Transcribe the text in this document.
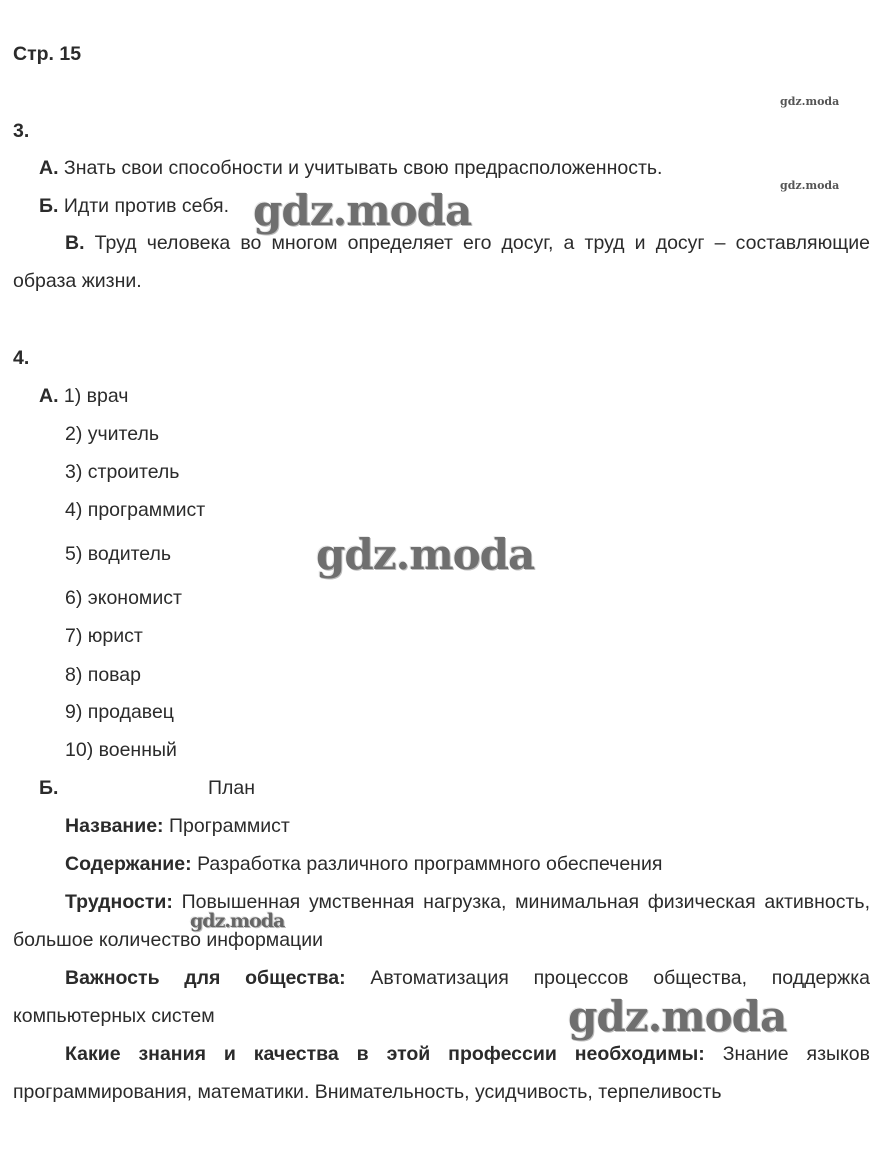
Стр. 15
3.
А. Знать свои способности и учитывать свою предрасположенность.
Б. Идти против себя.
В. Труд человека во многом определяет его досуг, а труд и досуг – составляющие образа жизни.
4.
А. 1) врач
2) учитель
3) строитель
4) программист
5) водитель
6) экономист
7) юрист
8) повар
9) продавец
10) военный
Б.	План
Название: Программист
Содержание: Разработка различного программного обеспечения
Трудности: Повышенная умственная нагрузка, минимальная физическая активность, большое количество информации
Важность для общества: Автоматизация процессов общества, поддержка компьютерных систем
Какие знания и качества в этой профессии необходимы: Знание языков программирования, математики. Внимательность, усидчивость, терпеливость
gdz.moda
gdz.moda
gdz.moda
gdz.moda
gdz.moda
gdz.moda
